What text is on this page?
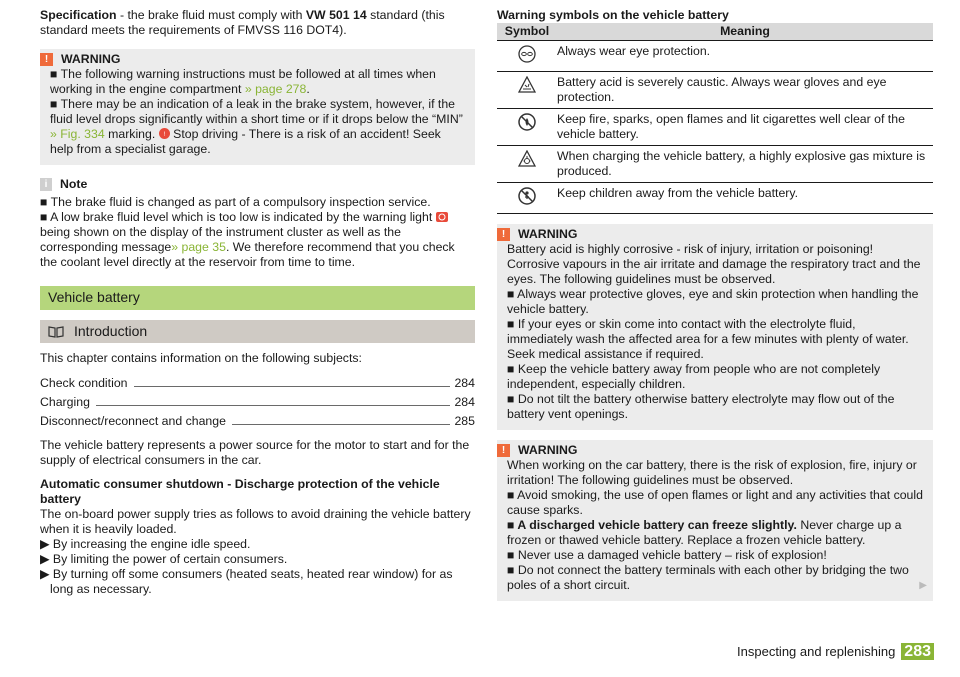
Specification - the brake fluid must comply with VW 501 14 standard (this standard meets the requirements of FMVSS 116 DOT4).

!	WARNING

■ The following warning instructions must be followed at all times when working in the engine compartment » page 278.

■ There may be an indication of a leak in the brake system, however, if the fluid level drops significantly within a short time or if it drops below the “MIN” » Fig. 334 marking. ! Stop driving - There is a risk of an accident! Seek help from a specialist garage.

i	Note

■ The brake fluid is changed as part of a compulsory inspection service.

■ A low brake fluid level which is too low is indicated by the warning light being shown on the display of the instrument cluster as well as the corresponding message» page 35. We therefore recommend that you check the coolant level directly at the reservoir from time to time.

Vehicle battery
Introduction

This chapter contains information on the following subjects:

Check condition	284
Charging	284
Disconnect/reconnect and change	285

The vehicle battery represents a power source for the motor to start and for the supply of electrical consumers in the car.

Automatic consumer shutdown - Discharge protection of the vehicle battery

The on-board power supply tries as follows to avoid draining the vehicle battery when it is heavily loaded.

▶ By increasing the engine idle speed.

▶ By limiting the power of certain consumers.

▶ By turning off some consumers (heated seats, heated rear window) for as long as necessary.

Warning symbols on the vehicle battery

Symbol	Meaning
	Always wear eye protection.
	Battery acid is severely caustic. Always wear gloves and eye protection.
	Keep fire, sparks, open flames and lit cigarettes well clear of the vehicle battery.
	When charging the vehicle battery, a highly explosive gas mixture is produced.
	Keep children away from the vehicle battery.
!	WARNING

Battery acid is highly corrosive - risk of injury, irritation or poisoning! Corrosive vapours in the air irritate and damage the respiratory tract and the eyes. The following guidelines must be observed.

■ Always wear protective gloves, eye and skin protection when handling the vehicle battery.

■ If your eyes or skin come into contact with the electrolyte fluid, immediately wash the affected area for a few minutes with plenty of water. Seek medical assistance if required.

■ Keep the vehicle battery away from people who are not completely independent, especially children.

■ Do not tilt the battery otherwise battery electrolyte may flow out of the battery vent openings.

!	WARNING

When working on the car battery, there is the risk of explosion, fire, injury or irritation! The following guidelines must be observed.

■ Avoid smoking, the use of open flames or light and any activities that could cause sparks.

■ A discharged vehicle battery can freeze slightly. Never charge up a frozen or thawed vehicle battery. Replace a frozen vehicle battery.

■ Never use a damaged vehicle battery – risk of explosion!

■ Do not connect the battery terminals with each other by bridging the two poles of a short circuit.	▶
Inspecting and replenishing 283
